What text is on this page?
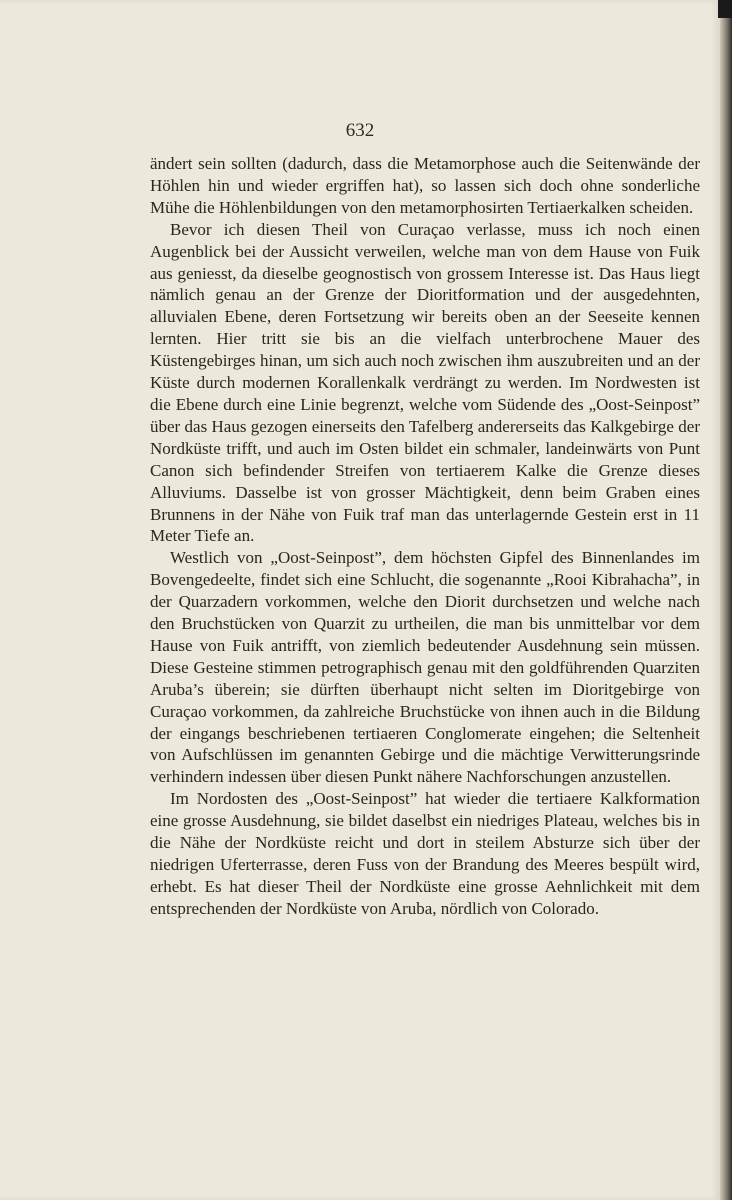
632

ändert sein sollten (dadurch, dass die Metamorphose auch die Seitenwände der Höhlen hin und wieder ergriffen hat), so lassen sich doch ohne sonderliche Mühe die Höhlenbildungen von den metamorphosirten Tertiaerkalken scheiden.

Bevor ich diesen Theil von Curaçao verlasse, muss ich noch einen Augenblick bei der Aussicht verweilen, welche man von dem Hause von Fuik aus geniesst, da dieselbe geognostisch von grossem Interesse ist. Das Haus liegt nämlich genau an der Grenze der Dioritformation und der ausgedehnten, alluvialen Ebene, deren Fortsetzung wir bereits oben an der Seeseite kennen lernten. Hier tritt sie bis an die vielfach unterbrochene Mauer des Küstengebirges hinan, um sich auch noch zwischen ihm auszubreiten und an der Küste durch modernen Korallenkalk verdrängt zu werden. Im Nordwesten ist die Ebene durch eine Linie begrenzt, welche vom Südende des „Oost-Seinpost” über das Haus gezogen einerseits den Tafelberg andererseits das Kalkgebirge der Nordküste trifft, und auch im Osten bildet ein schmaler, landeinwärts von Punt Canon sich befindender Streifen von tertiaerem Kalke die Grenze dieses Alluviums. Dasselbe ist von grosser Mächtigkeit, denn beim Graben eines Brunnens in der Nähe von Fuik traf man das unterlagernde Gestein erst in 11 Meter Tiefe an.

Westlich von „Oost-Seinpost”, dem höchsten Gipfel des Binnenlandes im Bovengedeelte, findet sich eine Schlucht, die sogenannte „Rooi Kibrahacha”, in der Quarzadern vorkommen, welche den Diorit durchsetzen und welche nach den Bruchstücken von Quarzit zu urtheilen, die man bis unmittelbar vor dem Hause von Fuik antrifft, von ziemlich bedeutender Ausdehnung sein müssen. Diese Gesteine stimmen petrographisch genau mit den goldführenden Quarziten Aruba’s überein; sie dürften überhaupt nicht selten im Dioritgebirge von Curaçao vorkommen, da zahlreiche Bruchstücke von ihnen auch in die Bildung der eingangs beschriebenen tertiaeren Conglomerate eingehen; die Seltenheit von Aufschlüssen im genannten Gebirge und die mächtige Verwitterungsrinde verhindern indessen über diesen Punkt nähere Nachforschungen anzustellen.

Im Nordosten des „Oost-Seinpost” hat wieder die tertiaere Kalkformation eine grosse Ausdehnung, sie bildet daselbst ein niedriges Plateau, welches bis in die Nähe der Nordküste reicht und dort in steilem Absturze sich über der niedrigen Uferterrasse, deren Fuss von der Brandung des Meeres bespült wird, erhebt. Es hat dieser Theil der Nordküste eine grosse Aehnlichkeit mit dem entsprechenden der Nordküste von Aruba, nördlich von Colorado.
